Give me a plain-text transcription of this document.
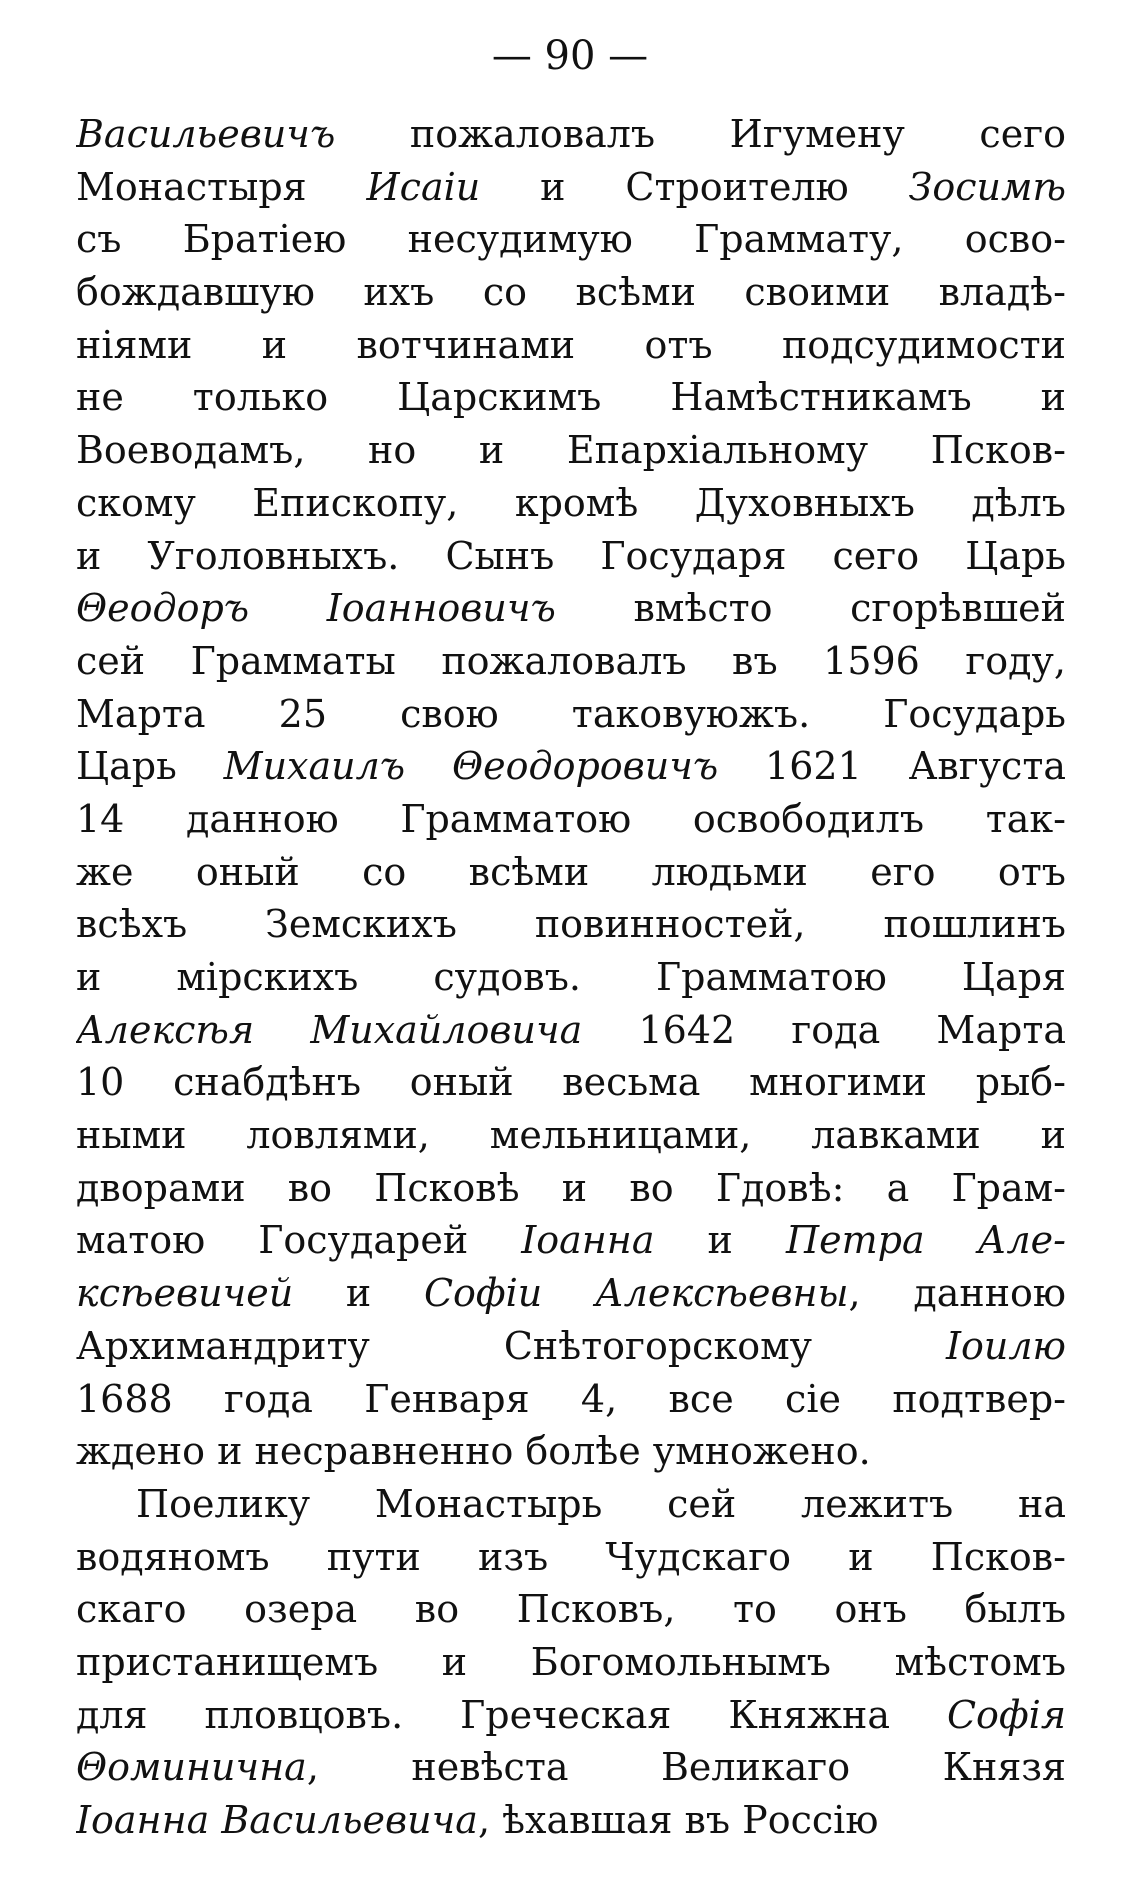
— 90 —
Васильевичъ пожаловалъ Игумену сего
Монастыря Исаіи и Строителю Зосимѣ
съ Братіею несудимую Граммату, осво-
бождавшую ихъ со всѣми своими владѣ-
ніями и вотчинами отъ подсудимости
не только Царскимъ Намѣстникамъ и
Воеводамъ, но и Епархіальному Псков-
скому Епископу, кромѣ Духовныхъ дѣлъ
и Уголовныхъ. Сынъ Государя сего Царь
Θеодоръ Іоанновичъ вмѣсто сгорѣвшей
сей Грамматы пожаловалъ въ 1596 году,
Марта 25 свою таковуюжъ. Государь
Царь Михаилъ Θеодоровичъ 1621 Августа
14 данною Грамматою освободилъ так-
же оный со всѣми людьми его отъ
всѣхъ Земскихъ повинностей, пошлинъ
и мірскихъ судовъ. Грамматою Царя
Алексѣя Михайловича 1642 года Марта
10 снабдѣнъ оный весьма многими рыб-
ными ловлями, мельницами, лавками и
дворами во Псковѣ и во Гдовѣ: а Грам-
матою Государей Іоанна и Петра Але-
ксѣевичей и Софіи Алексѣевны, данною
Архимандриту Снѣтогорскому Іоилю
1688 года Генваря 4, все сіе подтвер-
ждено и несравненно болѣе умножено.
Поелику Монастырь сей лежитъ на
водяномъ пути изъ Чудскаго и Псков-
скаго озера во Псковъ, то онъ былъ
пристанищемъ и Богомольнымъ мѣстомъ
для пловцовъ. Греческая Княжна Софія
Θоминична, невѣста Великаго Князя
Іоанна Васильевича, ѣхавшая въ Россію
